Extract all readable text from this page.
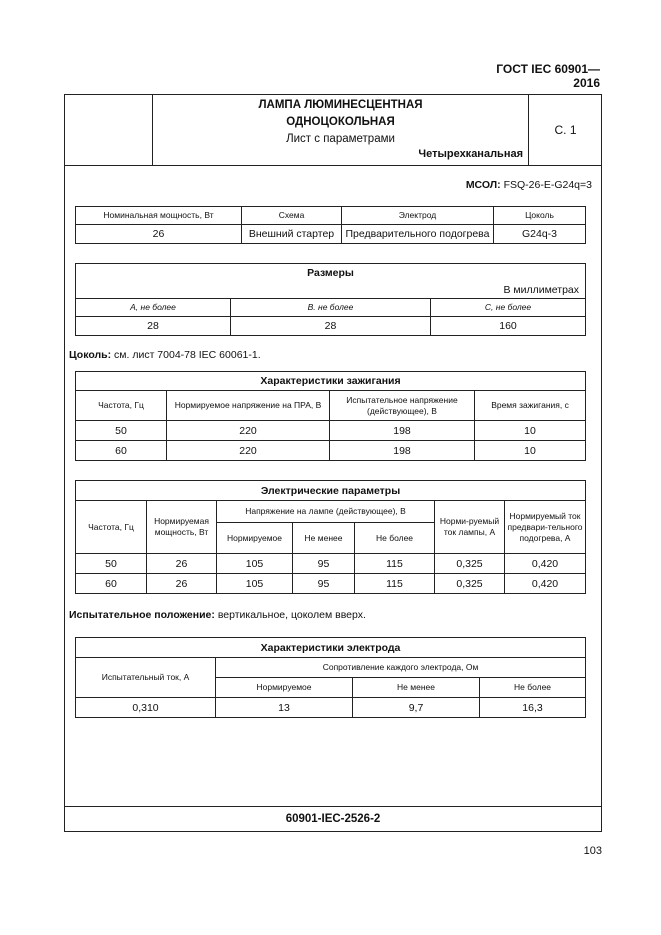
ГОСТ IEC 60901—2016
С. 1
ЛАМПА ЛЮМИНЕСЦЕНТНАЯ
ОДНОЦОКОЛЬНАЯ
Лист с параметрами
Четырехканальная
МСОЛ: FSQ-26-E-G24q=3
Номинальная мощность, Вт	Схема	Электрод	Цоколь
26	Внешний стартер	Предварительного подогрева	G24q-3
Размеры		
В миллиметрах		
A, не более	B. не более	C, не более
28	28	160
Цоколь: см. лист 7004-78 IEC 60061-1.
Характеристики зажигания			
Частота, Гц	Нормируемое напряжение на ПРА, В	Испытательное напряжение (действующее), В	Время зажигания, с
50	220	198	10
60	220	198	10
Электрические параметры						
Частота, Гц	Нормируемая мощность, Вт	Напряжение на лампе (действующее), В			Норми-руемый ток лампы, А	Нормируемый ток предвари-тельного подогрева, А
		Нормируемое	Не менее	Не более		
50	26	105	95	115	0,325	0,420
60	26	105	95	115	0,325	0,420
Испытательное положение: вертикальное, цоколем вверх.
Характеристики электрода			
Испытательный ток, А	Сопротивление каждого электрода, Ом		
	Нормируемое	Не менее	Не более
0,310	13	9,7	16,3
60901-IEC-2526-2
103
